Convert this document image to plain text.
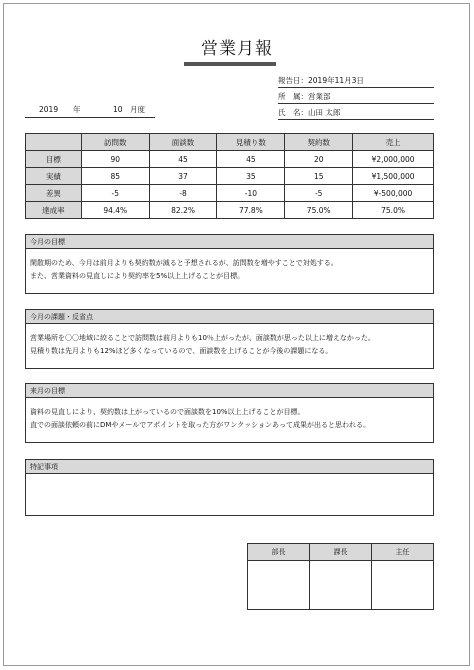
営業月報
報告日：2019年11月3日
所　属：営業部
氏　名：山田 太郎
2019 年	10 月度
	訪問数	面談数	見積り数	契約数	売上
目標	90	45	45	20	¥2,000,000
実績	85	37	35	15	¥1,500,000
差異	-5	-8	-10	-5	¥-500,000
達成率	94.4%	82.2%	77.8%	75.0%	75.0%
今月の目標
閑散期のため、今月は前月よりも契約数が減ると予想されるが、訪問数を増やすことで対処する。
また、営業資料の見直しにより契約率を5%以上上げることが目標。
今月の課題・反省点
営業場所を〇〇地域に絞ることで訪問数は前月よりも10％上がったが、面談数が思った以上に増えなかった。
見積り数は先月よりも12%ほど多くなっているので、面談数を上げることが今後の課題になる。
来月の目標
資料の見直しにより、契約数は上がっているので面談数を10%以上上げることが目標。
直での面談依頼の前にDMやメールでアポイントを取った方がワンクッションあって成果が出ると思われる。
特記事項
部長	課長	主任
